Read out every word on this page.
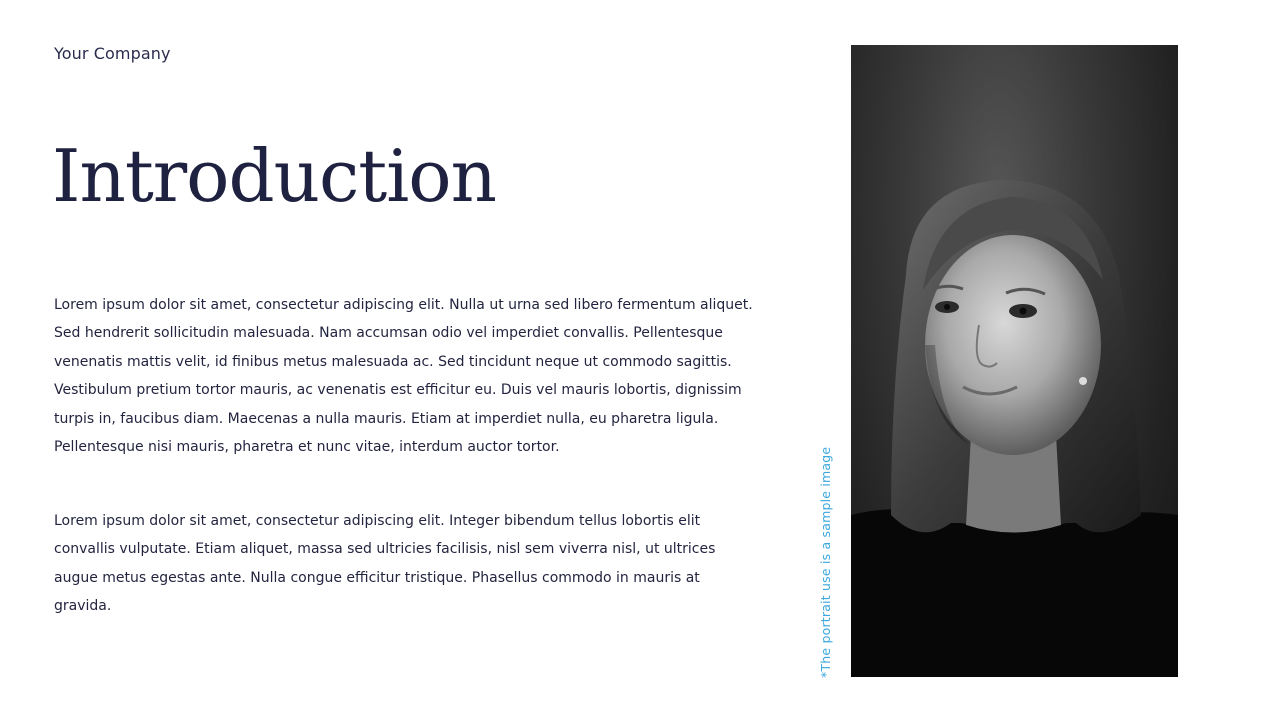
Your Company
Introduction

Lorem ipsum dolor sit amet, consectetur adipiscing elit. Nulla ut urna sed libero fermentum aliquet. Sed hendrerit sollicitudin malesuada. Nam accumsan odio vel imperdiet convallis. Pellentesque venenatis mattis velit, id finibus metus malesuada ac. Sed tincidunt neque ut commodo sagittis. Vestibulum pretium tortor mauris, ac venenatis est efficitur eu. Duis vel mauris lobortis, dignissim turpis in, faucibus diam. Maecenas a nulla mauris. Etiam at imperdiet nulla, eu pharetra ligula. Pellentesque nisi mauris, pharetra et nunc vitae, interdum auctor tortor.

Lorem ipsum dolor sit amet, consectetur adipiscing elit. Integer bibendum tellus lobortis elit convallis vulputate. Etiam aliquet, massa sed ultricies facilisis, nisl sem viverra nisl, ut ultrices augue metus egestas ante. Nulla congue efficitur tristique. Phasellus commodo in mauris at gravida.	*The portrait use is a sample image
